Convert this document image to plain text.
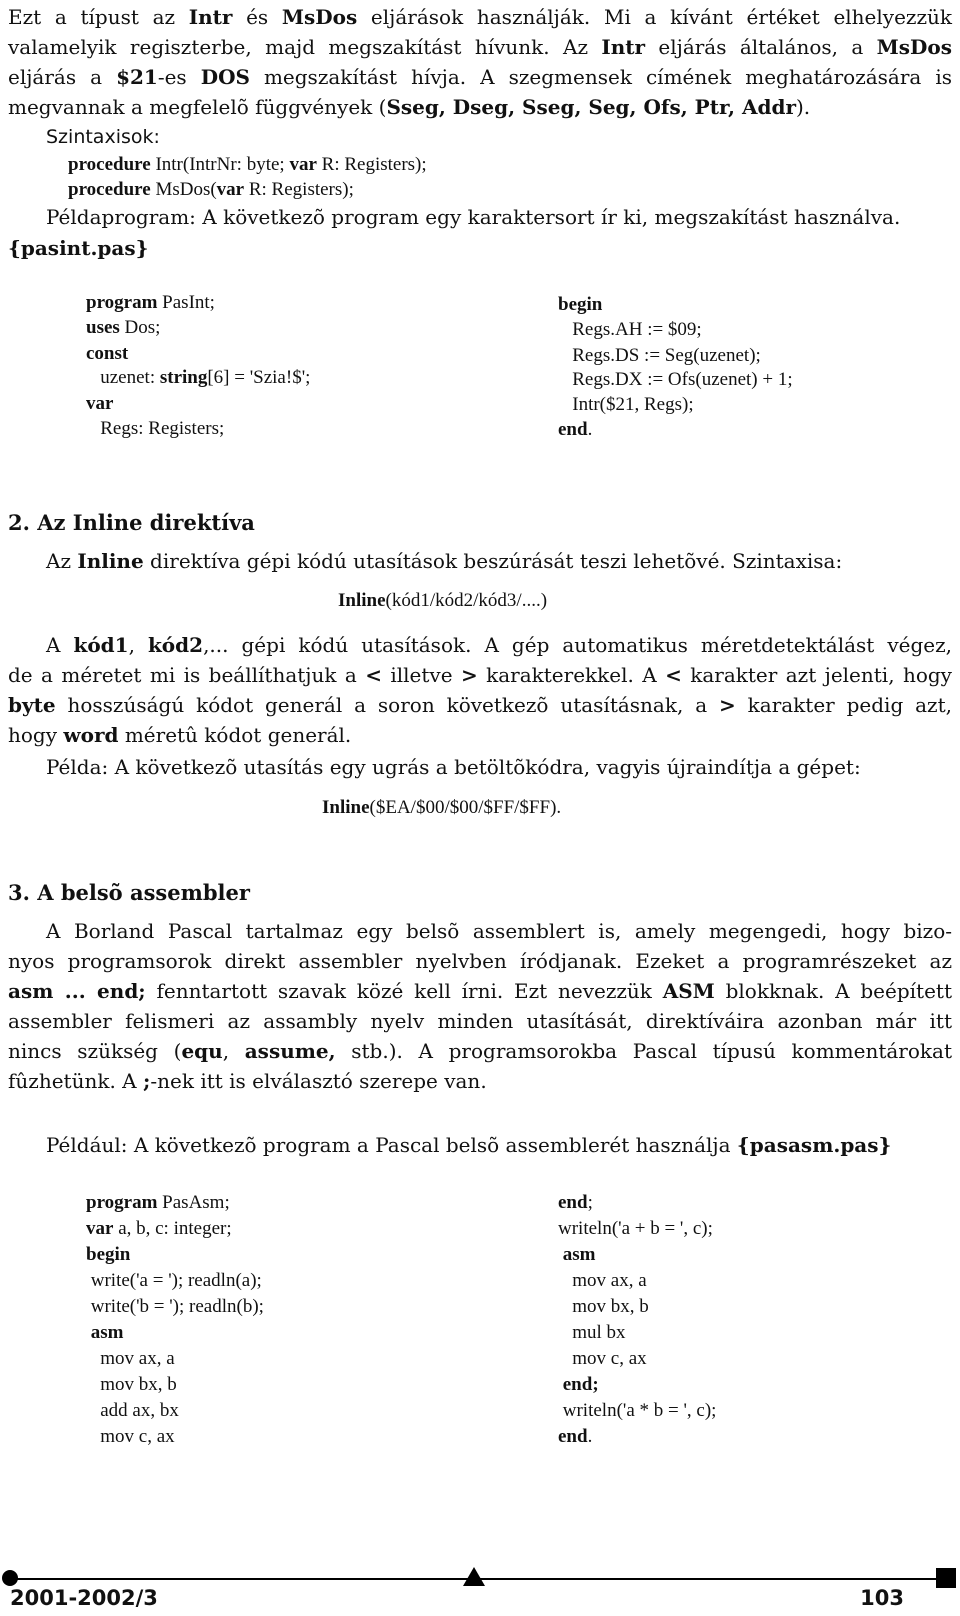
Ezt a típust az Intr és MsDos eljárások használják. Mi a kívánt értéket elhelyezzük
valamelyik regiszterbe, majd megszakítást hívunk. Az Intr eljárás általános, a MsDos
eljárás a $21-es DOS megszakítást hívja. A szegmensek címének meghatározására is
megvannak a megfelelõ függvények (Sseg, Dseg, Sseg, Seg, Ofs, Ptr, Addr).
Szintaxisok:
procedure Intr(IntrNr: byte; var R: Registers);
procedure MsDos(var R: Registers);
Példaprogram: A következõ program egy karaktersort ír ki, megszakítást használva.
{pasint.pas}
program PasInt;
uses Dos;
const
uzenet: string[6] = 'Szia!$';
var
Regs: Registers;
begin
Regs.AH := $09;
Regs.DS := Seg(uzenet);
Regs.DX := Ofs(uzenet) + 1;
Intr($21, Regs);
end.
2. Az Inline direktíva
Az Inline direktíva gépi kódú utasítások beszúrását teszi lehetõvé. Szintaxisa:
Inline(kód1/kód2/kód3/....)
A kód1, kód2,... gépi kódú utasítások. A gép automatikus méretdetektálást végez,
de a méretet mi is beállíthatjuk a < illetve > karakterekkel. A < karakter azt jelenti, hogy
byte hosszúságú kódot generál a soron következõ utasításnak, a > karakter pedig azt,
hogy word méretû kódot generál.
Példa: A következõ utasítás egy ugrás a betöltõkódra, vagyis újraindítja a gépet:
Inline($EA/$00/$00/$FF/$FF).
3. A belsõ assembler
A Borland Pascal tartalmaz egy belsõ assemblert is, amely megengedi, hogy bizo-
nyos programsorok direkt assembler nyelvben íródjanak. Ezeket a programrészeket az
asm ... end; fenntartott szavak közé kell írni. Ezt nevezzük ASM blokknak. A beépített
assembler felismeri az assambly nyelv minden utasítását, direktíváira azonban már itt
nincs szükség (equ, assume, stb.). A programsorokba Pascal típusú kommentárokat
fûzhetünk. A ;-nek itt is elválasztó szerepe van.
Például: A következõ program a Pascal belsõ assemblerét használja {pasasm.pas}
program PasAsm;
var a, b, c: integer;
begin
write('a = '); readln(a);
write('b = '); readln(b);
asm
mov ax, a
mov bx, b
add ax, bx
mov c, ax
end;
writeln('a + b = ', c);
asm
mov ax, a
mov bx, b
mul bx
mov c, ax
end;
writeln('a * b = ', c);
end.
2001-2002/3	103
